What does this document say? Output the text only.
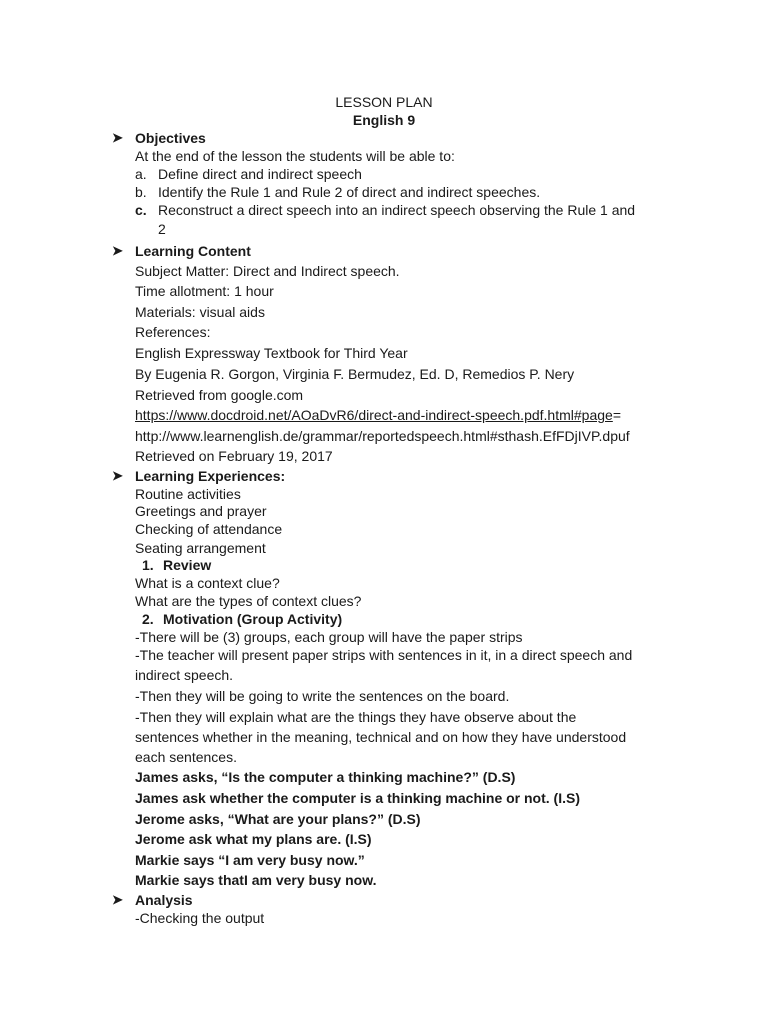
LESSON PLAN
English 9
➤ Objectives
At the end of the lesson the students will be able to:
a. Define direct and indirect speech
b. Identify the Rule 1 and Rule 2 of direct and indirect speeches.
c. Reconstruct a direct speech into an indirect speech observing the Rule 1 and
2
➤ Learning Content
Subject Matter: Direct and Indirect speech.
Time allotment: 1 hour
Materials: visual aids
References:
English Expressway Textbook for Third Year
By Eugenia R. Gorgon, Virginia F. Bermudez, Ed. D, Remedios P. Nery
Retrieved from google.com
https://www.docdroid.net/AOaDvR6/direct-and-indirect-speech.pdf.html#page=
http://www.learnenglish.de/grammar/reportedspeech.html#sthash.EfFDjIVP.dpuf
Retrieved on February 19, 2017
➤ Learning Experiences:
Routine activities
Greetings and prayer
Checking of attendance
Seating arrangement
1. Review
What is a context clue?
What are the types of context clues?
2. Motivation (Group Activity)
-There will be (3) groups, each group will have the paper strips
-The teacher will present paper strips with sentences in it, in a direct speech and
indirect speech.
-Then they will be going to write the sentences on the board.
-Then they will explain what are the things they have observe about the
sentences whether in the meaning, technical and on how they have understood
each sentences.
James asks, “Is the computer a thinking machine?” (D.S)
James ask whether the computer is a thinking machine or not. (I.S)
Jerome asks, “What are your plans?” (D.S)
Jerome ask what my plans are. (I.S)
Markie says “I am very busy now.”
Markie says thatI am very busy now.
➤ Analysis
-Checking the output
